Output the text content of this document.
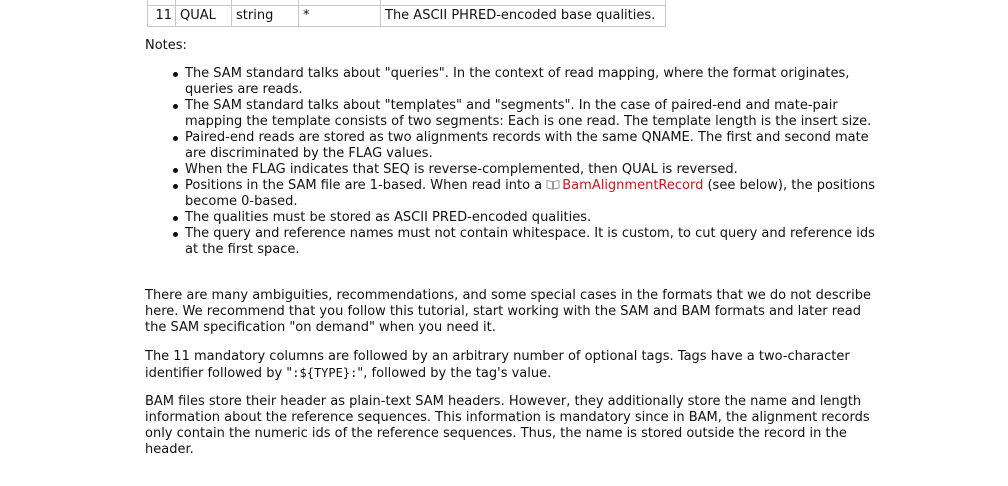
11	QUAL	string	*	The ASCII PHRED-encoded base qualities.
Notes:
The SAM standard talks about "queries". In the context of read mapping, where the format originates, queries are reads.
The SAM standard talks about "templates" and "segments". In the case of paired-end and mate-pair mapping the template consists of two segments: Each is one read. The template length is the insert size.
Paired-end reads are stored as two alignments records with the same QNAME. The first and second mate are discriminated by the FLAG values.
When the FLAG indicates that SEQ is reverse-complemented, then QUAL is reversed.
Positions in the SAM file are 1-based. When read into a BamAlignmentRecord (see below), the positions become 0-based.
The qualities must be stored as ASCII PRED-encoded qualities.
The query and reference names must not contain whitespace. It is custom, to cut query and reference ids at the first space.

There are many ambiguities, recommendations, and some special cases in the formats that we do not describe here. We recommend that you follow this tutorial, start working with the SAM and BAM formats and later read the SAM specification "on demand" when you need it.

The 11 mandatory columns are followed by an arbitrary number of optional tags. Tags have a two-character identifier followed by ":${TYPE}:", followed by the tag's value.

BAM files store their header as plain-text SAM headers. However, they additionally store the name and length information about the reference sequences. This information is mandatory since in BAM, the alignment records only contain the numeric ids of the reference sequences. Thus, the name is stored outside the record in the header.
